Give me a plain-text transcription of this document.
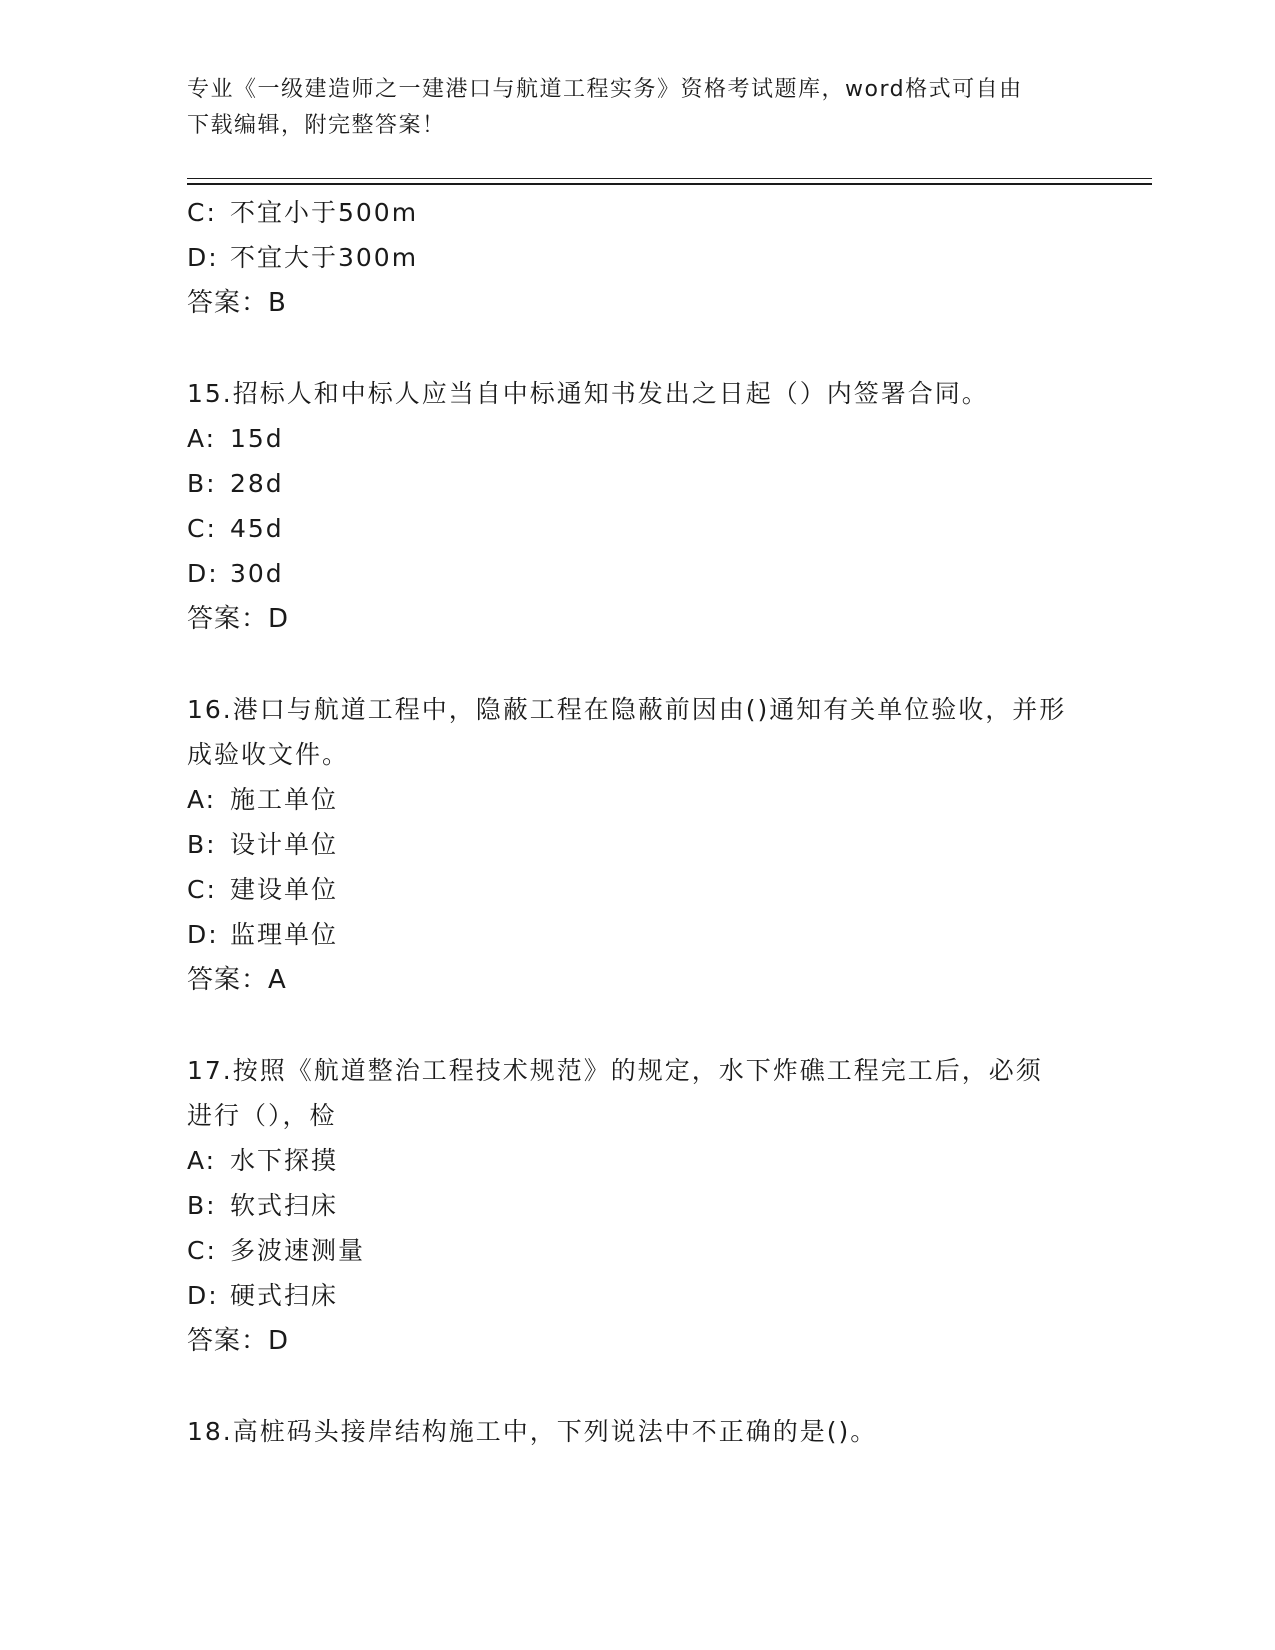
专业《一级建造师之一建港口与航道工程实务》资格考试题库，word格式可自由
下载编辑，附完整答案！
C: 不宜小于500m
D: 不宜大于300m
答案：B
15.招标人和中标人应当自中标通知书发出之日起（）内签署合同。
A: 15d
B: 28d
C: 45d
D: 30d
答案：D
16.港口与航道工程中，隐蔽工程在隐蔽前因由()通知有关单位验收，并形成验收文件。
A: 施工单位
B: 设计单位
C: 建设单位
D: 监理单位
答案：A
17.按照《航道整治工程技术规范》的规定，水下炸礁工程完工后，必须进行（），检
A: 水下探摸
B: 软式扫床
C: 多波速测量
D: 硬式扫床
答案：D
18.高桩码头接岸结构施工中，下列说法中不正确的是()。
